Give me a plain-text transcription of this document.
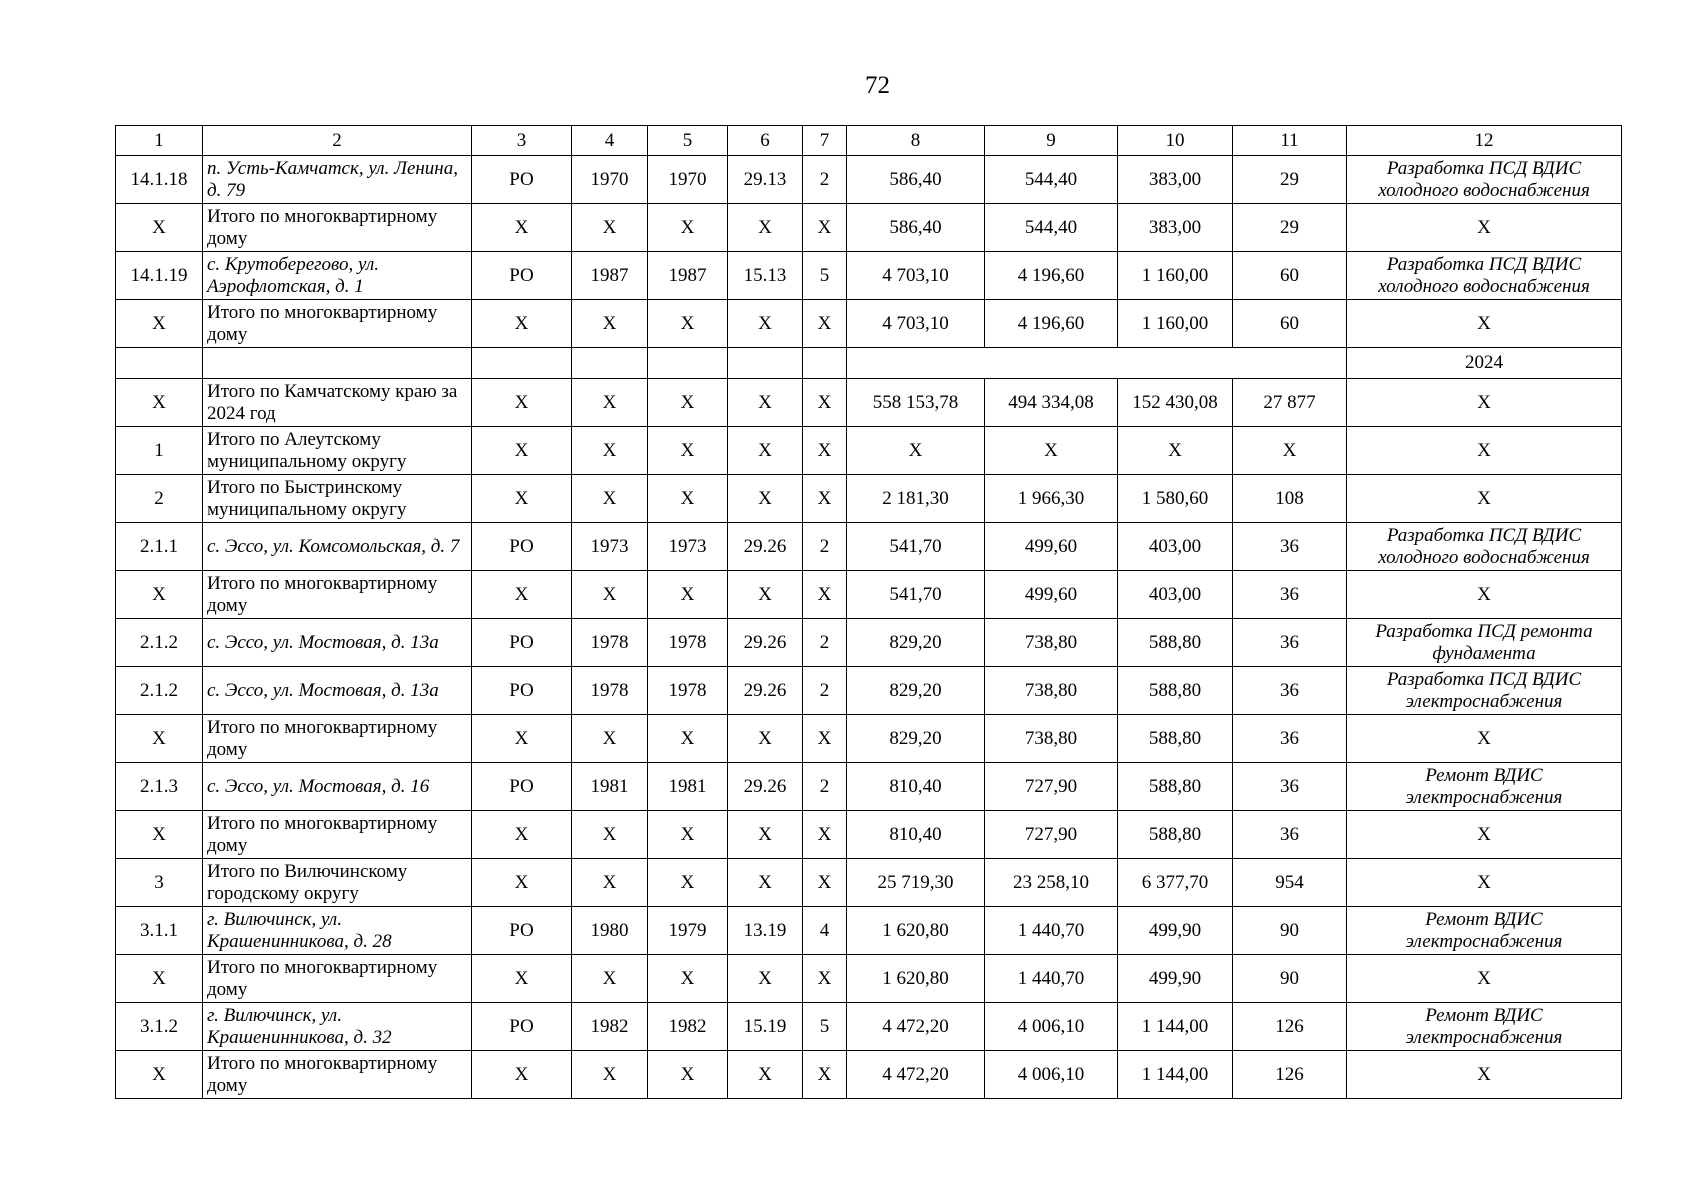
72
1	2	3	4	5	6	7	8	9	10	11	12
14.1.18	п. Усть-Камчатск, ул. Ленина, д. 79	РО	1970	1970	29.13	2	586,40	544,40	383,00	29	Разработка ПСД ВДИС холодного водоснабжения
X	Итого по многоквартирному дому	X	X	X	X	X	586,40	544,40	383,00	29	X
14.1.19	с. Крутоберегово, ул. Аэрофлотская, д. 1	РО	1987	1987	15.13	5	4 703,10	4 196,60	1 160,00	60	Разработка ПСД ВДИС холодного водоснабжения
X	Итого по многоквартирному дому	X	X	X	X	X	4 703,10	4 196,60	1 160,00	60	X
											2024
X	Итого по Камчатскому краю за 2024 год	X	X	X	X	X	558 153,78	494 334,08	152 430,08	27 877	X
1	Итого по Алеутскому муниципальному округу	X	X	X	X	X	X	X	X	X	X
2	Итого по Быстринскому муниципальному округу	X	X	X	X	X	2 181,30	1 966,30	1 580,60	108	X
2.1.1	с. Эссо, ул. Комсомольская, д. 7	РО	1973	1973	29.26	2	541,70	499,60	403,00	36	Разработка ПСД ВДИС холодного водоснабжения
X	Итого по многоквартирному дому	X	X	X	X	X	541,70	499,60	403,00	36	X
2.1.2	с. Эссо, ул. Мостовая, д. 13а	РО	1978	1978	29.26	2	829,20	738,80	588,80	36	Разработка ПСД ремонта фундамента
2.1.2	с. Эссо, ул. Мостовая, д. 13а	РО	1978	1978	29.26	2	829,20	738,80	588,80	36	Разработка ПСД ВДИС электроснабжения
X	Итого по многоквартирному дому	X	X	X	X	X	829,20	738,80	588,80	36	X
2.1.3	с. Эссо, ул. Мостовая, д. 16	РО	1981	1981	29.26	2	810,40	727,90	588,80	36	Ремонт ВДИС электроснабжения
X	Итого по многоквартирному дому	X	X	X	X	X	810,40	727,90	588,80	36	X
3	Итого по Вилючинскому городскому округу	X	X	X	X	X	25 719,30	23 258,10	6 377,70	954	X
3.1.1	г. Вилючинск, ул. Крашенинникова, д. 28	РО	1980	1979	13.19	4	1 620,80	1 440,70	499,90	90	Ремонт ВДИС электроснабжения
X	Итого по многоквартирному дому	X	X	X	X	X	1 620,80	1 440,70	499,90	90	X
3.1.2	г. Вилючинск, ул. Крашенинникова, д. 32	РО	1982	1982	15.19	5	4 472,20	4 006,10	1 144,00	126	Ремонт ВДИС электроснабжения
X	Итого по многоквартирному дому	X	X	X	X	X	4 472,20	4 006,10	1 144,00	126	X
